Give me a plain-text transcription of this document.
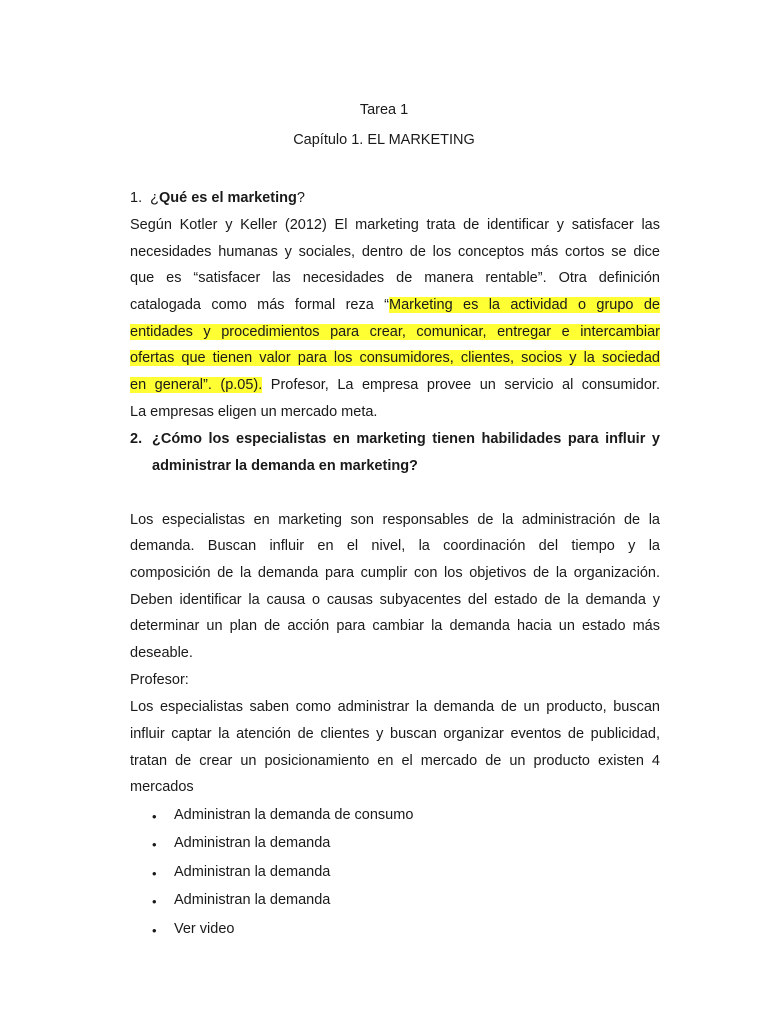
Tarea 1
Capítulo 1. EL MARKETING
1. ¿Qué es el marketing?
Según Kotler y Keller (2012) El marketing trata de identificar y satisfacer las
necesidades humanas y sociales, dentro de los conceptos más cortos se dice
que es “satisfacer las necesidades de manera rentable”. Otra definición
catalogada como más formal reza “Marketing es la actividad o grupo de
entidades y procedimientos para crear, comunicar, entregar e intercambiar
ofertas que tienen valor para los consumidores, clientes, socios y la sociedad
en general”. (p.05). Profesor, La empresa provee un servicio al consumidor.
La empresas eligen un mercado meta.
2. ¿Cómo los especialistas en marketing tienen habilidades para influir y
administrar la demanda en marketing?
Los especialistas en marketing son responsables de la administración de la
demanda. Buscan influir en el nivel, la coordinación del tiempo y la
composición de la demanda para cumplir con los objetivos de la organización.
Deben identificar la causa o causas subyacentes del estado de la demanda y
determinar un plan de acción para cambiar la demanda hacia un estado más
deseable.
Profesor:
Los especialistas saben como administrar la demanda de un producto, buscan
influir captar la atención de clientes y buscan organizar eventos de publicidad,
tratan de crear un posicionamiento en el mercado de un producto existen 4
mercados
• Administran la demanda de consumo
• Administran la demanda
• Administran la demanda
• Administran la demanda
• Ver video
